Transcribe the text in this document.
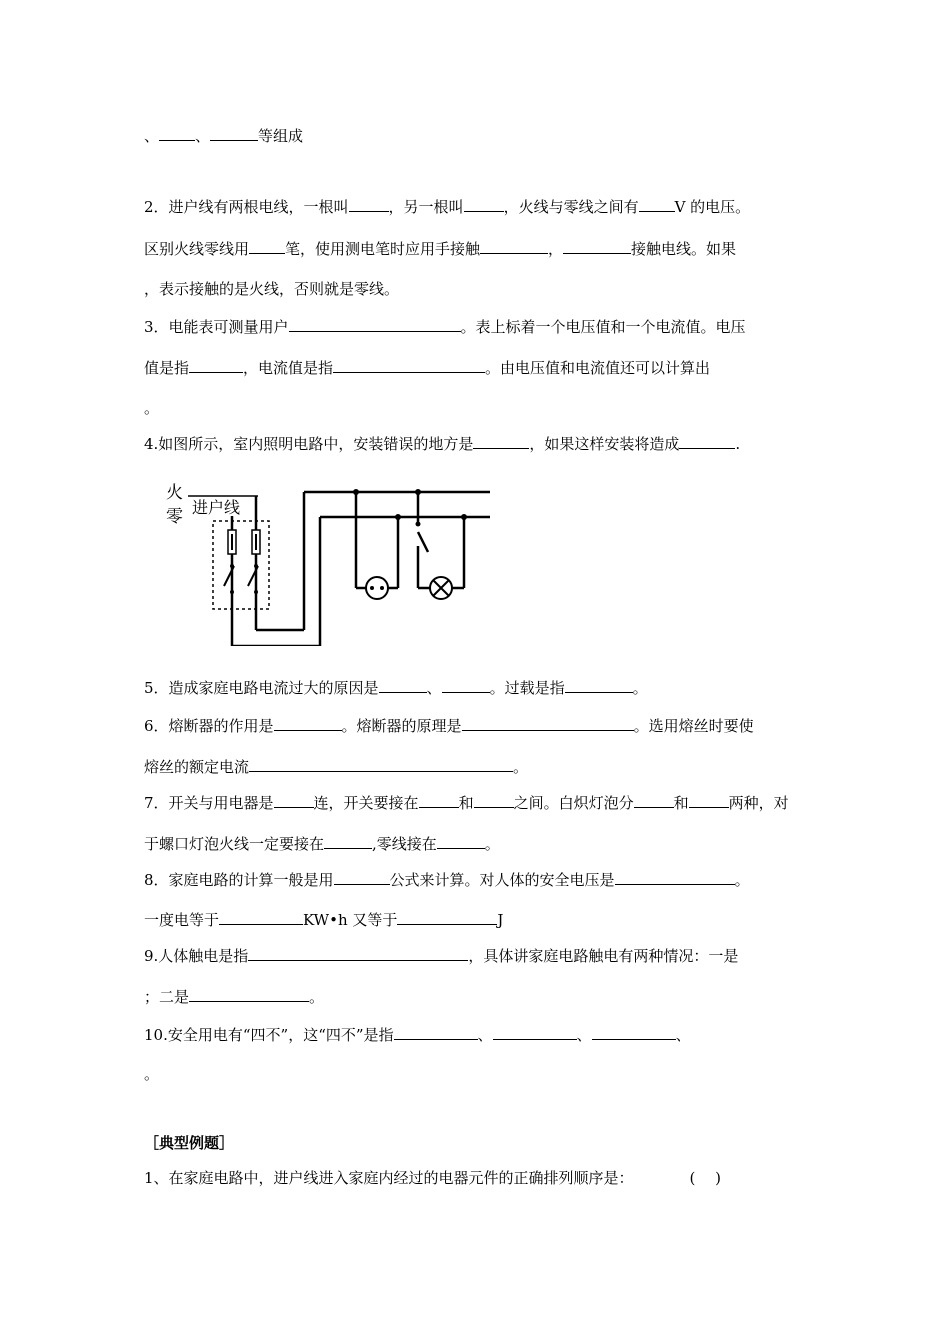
、 、	等组成
2．进户线有两根电线，一根叫	，另一根叫	，火线与零线之间有 V 的电压。
区别火线零线用 笔，使用测电笔时应用手接触	，	接触电线。如果
，表示接触的是火线，否则就是零线。
3．电能表可测量用户	。表上标着一个电压值和一个电流值。电压
值是指	，电流值是指	。由电压值和电流值还可以计算出
。
4.如图所示，室内照明电路中，安装错误的地方是	，如果这样安装将造成	.
火
零 进户线
5．造成家庭电路电流过大的原因是	、	。过载是指	。
6．熔断器的作用是	。熔断器的原理是	。选用熔丝时要使
熔丝的额定电流	。
7．开关与用电器是	连，开关要接在	和	之间。白炽灯泡分	和	两种，对
于螺口灯泡火线一定要接在	,零线接在	。
8．家庭电路的计算一般是用	公式来计算。对人体的安全电压是	。
一度电等于	KW•h 又等于	J
9.人体触电是指	，具体讲家庭电路触电有两种情况：一是
；二是	。
10.安全用电有“四不”，这“四不”是指	、	、	、
。
［典型例题］
1、在家庭电路中，进户线进入家庭内经过的电器元件的正确排列顺序是：	(　 )
